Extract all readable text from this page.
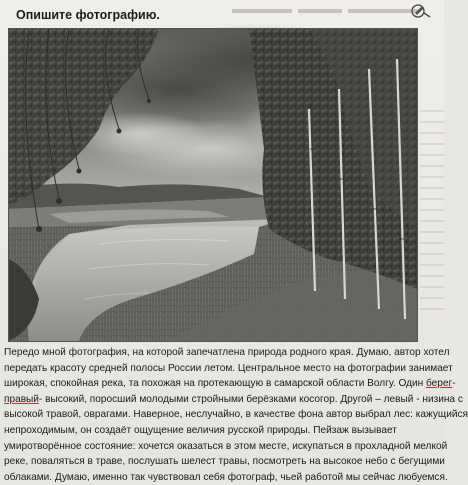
Опишите фотографию.

Передо мной фотография, на которой запечатлена природа родного края. Думаю, автор хотел
передать красоту средней полосы России летом. Центральное место на фотографии занимает
широкая, спокойная река, та похожая на протекающую в самарской области Волгу. Один берег-
правый- высокий, поросший молодыми стройными берёзками косогор. Другой – левый - низина с
высокой травой, оврагами. Наверное, неслучайно, в качестве фона автор выбрал лес: кажущийся
непроходимым, он создаёт ощущение величия русской природы. Пейзаж вызывает
умиротворённое состояние: хочется оказаться в этом месте, искупаться в прохладной мелкой
реке, поваляться в траве, послушать шелест травы, посмотреть на высокое небо с бегущими
облаками. Думаю, именно так чувствовал себя фотограф, чьей работой мы сейчас любуемся.
